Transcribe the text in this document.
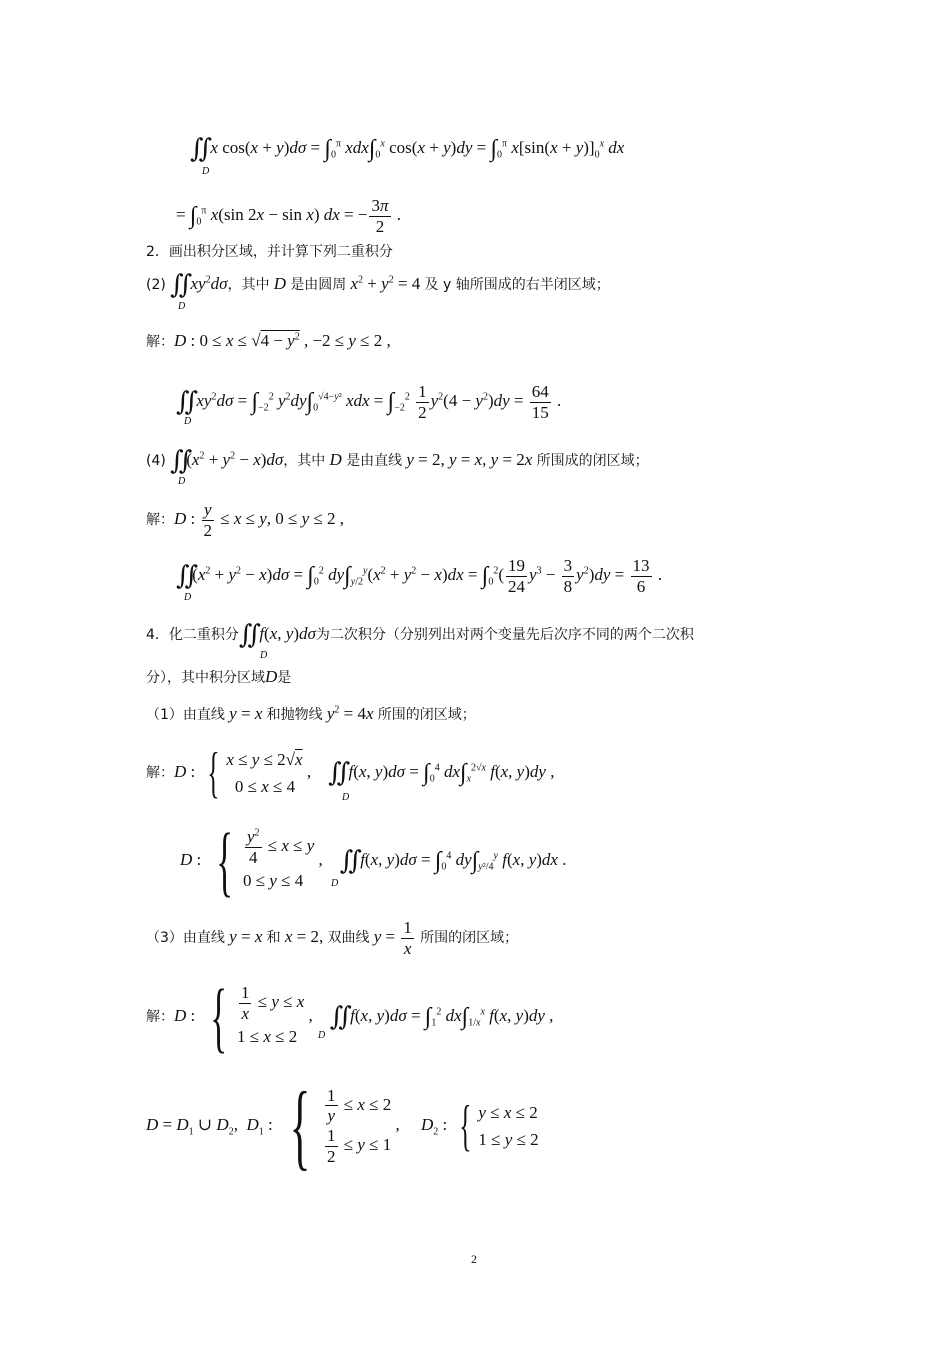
∬ x $\cos(x + y)d\sigma = \int_0^\pi$ $xdx\int_0^x$ $\cos(x + y)dy = \int_0^\pi$ $x[\sin(x + y)]_0^x$ dx
D
= $\int_0^\pi$ x(sin 2x − sin x) dx = − $\frac{3\pi}{2}$ .
2．画出积分区域，并计算下列二重积分
(2) ∬ $xy^2d\sigma$，其中 D 是由圆周 $x^2 + y^2 = 4$ 及 y 轴所围成的右半闭区域；
D
解：D : $0 \le x \le √4 - y^2$ , −2 ≤ y ≤ 2 ,
∬ $xy^2d\sigma = \int_{-2}^2$ $y^2dy\int_0^{√4-y^2}$ xdx = $\int_{-2}^2 \frac{1}{2} y^2(4 - y^2)dy = \frac{64}{15}$ .
D
(4) $∬(x^2 + y^2 - x)d\sigma$，其中 D 是由直线 y = 2, y = x, y = 2x 所围成的闭区域；
D
解：D : $\frac{y}{2} \le x \le y$, 0 ≤ y ≤ 2 ,
$∬(x^2 + y^2 - x)d\sigma = \int_0^2$ $dy\int_{y/2}^y(x^2 + y^2 - x)dx = \int_0^2( \frac{19}{24} y^3 - \frac{3}{8} y^2)dy = \frac{13}{6}$ .
D
4．化二重积分∬ f(x, y)dσ为二次积分（分别列出对两个变量先后次序不同的两个二次积
D
分），其中积分区域D是
（1）由直线 y = x 和抛物线 $y^2 = 4x$ 所围的闭区域；
解：D : { x ≤ y ≤ 2√x
0 ≤ x ≤ 4
,    ∬ f(x, $y)d\sigma = \int_0^4$ $dx\int_x^{2√x}$ f(x, y)dy ,
D
D : { $\frac{y^2}{4} \le x \le y$
0 ≤ y ≤ 4
,    ∬ f(x, $y)d\sigma = \int_0^4$ $dy\int_{y^2/4}^y$ f(x, y)dx .
D
（3）由直线 y = x 和 x = 2, 双曲线 $y = \frac{1}{x}$ 所围的闭区域；
解：D : { $\frac{1}{x} \le y \le x$
1 ≤ x ≤ 2
,    ∬ f(x, $y)d\sigma = \int_1^2$ $dx\int_{1/x}^x$ f(x, y)dy ,
D
$D = D_1$ ∪ $D_2$,  $D_1$ : { $\frac{1}{y} \le x \le 2$
$\frac{1}{2} \le y \le 1$
,     $D_2$ : { y ≤ x ≤ 2
1 ≤ y ≤ 2
2
